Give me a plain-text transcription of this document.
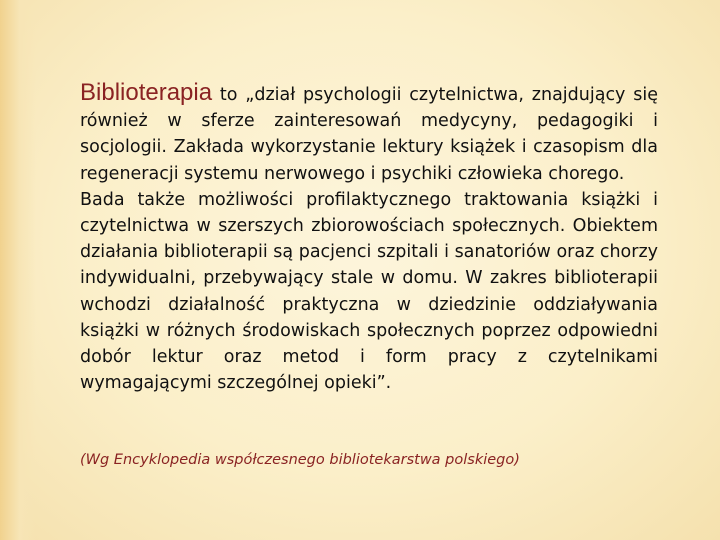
Biblioterapia to „dział psychologii czytelnictwa, znajdujący się również w sferze zainteresowań medycyny, pedagogiki i socjologii. Zakłada wykorzystanie lektury książek i czasopism dla regeneracji systemu nerwowego i psychiki człowieka chorego.

Bada także możliwości profilaktycznego traktowania książki i czytelnictwa w szerszych zbiorowościach społecznych. Obiektem działania biblioterapii są pacjenci szpitali i sanatoriów oraz chorzy indywidualni, przebywający stale w domu. W zakres biblioterapii wchodzi działalność praktyczna w dziedzinie oddziaływania książki w różnych środowiskach społecznych poprzez odpowiedni dobór lektur oraz metod i form pracy z czytelnikami wymagającymi szczególnej opieki”.

(Wg Encyklopedia współczesnego bibliotekarstwa polskiego)
